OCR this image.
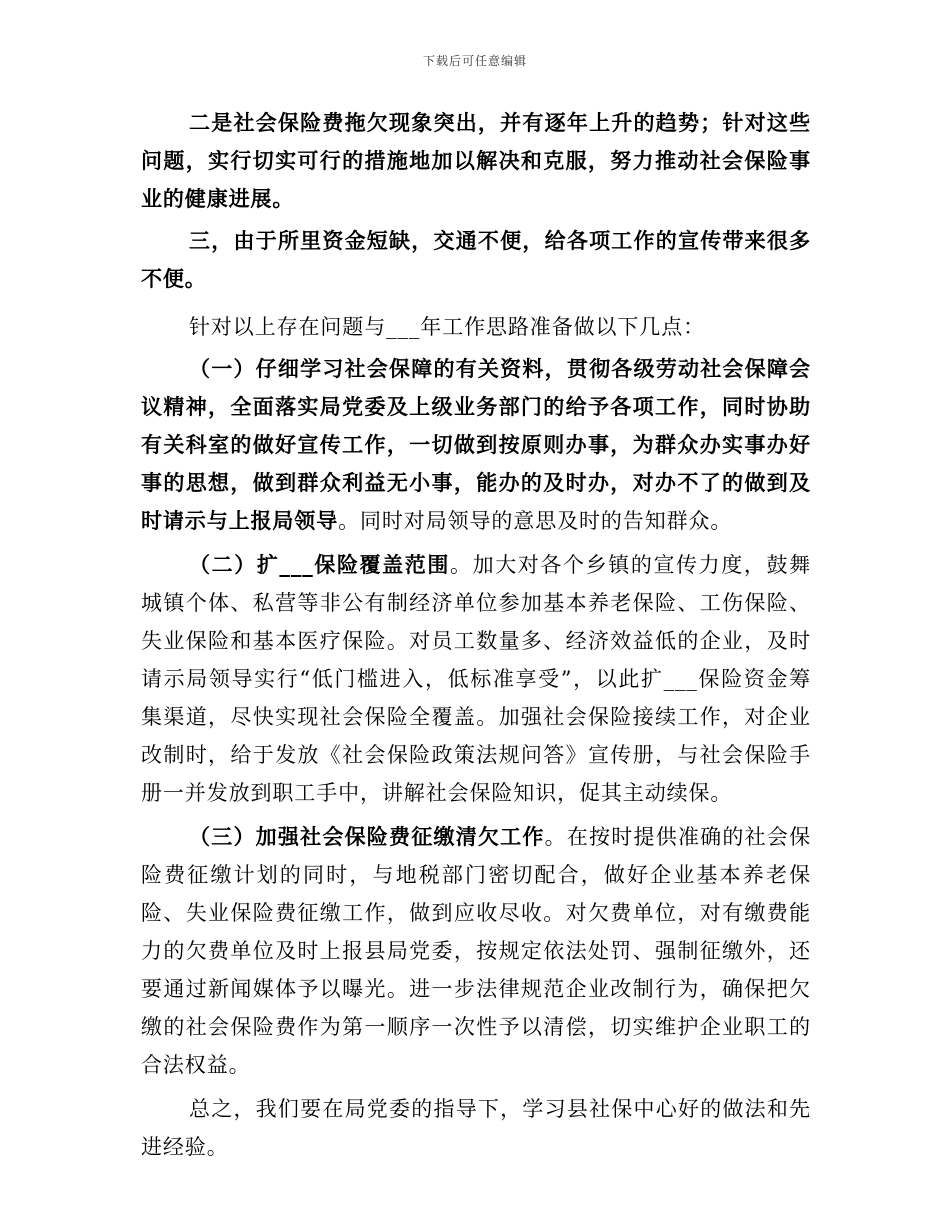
下载后可任意编辑

二是社会保险费拖欠现象突出，并有逐年上升的趋势；针对这些问题，实行切实可行的措施地加以解决和克服，努力推动社会保险事业的健康进展。

三，由于所里资金短缺，交通不便，给各项工作的宣传带来很多不便。

针对以上存在问题与___年工作思路准备做以下几点：

（一）仔细学习社会保障的有关资料，贯彻各级劳动社会保障会议精神，全面落实局党委及上级业务部门的给予各项工作，同时协助有关科室的做好宣传工作，一切做到按原则办事，为群众办实事办好事的思想，做到群众利益无小事，能办的及时办，对办不了的做到及时请示与上报局领导。同时对局领导的意思及时的告知群众。

（二）扩___保险覆盖范围。加大对各个乡镇的宣传力度，鼓舞城镇个体、私营等非公有制经济单位参加基本养老保险、工伤保险、失业保险和基本医疗保险。对员工数量多、经济效益低的企业，及时请示局领导实行“低门槛进入，低标准享受”，以此扩___保险资金筹集渠道，尽快实现社会保险全覆盖。加强社会保险接续工作，对企业改制时，给于发放《社会保险政策法规问答》宣传册，与社会保险手册一并发放到职工手中，讲解社会保险知识，促其主动续保。

（三）加强社会保险费征缴清欠工作。在按时提供准确的社会保险费征缴计划的同时，与地税部门密切配合，做好企业基本养老保险、失业保险费征缴工作，做到应收尽收。对欠费单位，对有缴费能力的欠费单位及时上报县局党委，按规定依法处罚、强制征缴外，还要通过新闻媒体予以曝光。进一步法律规范企业改制行为，确保把欠缴的社会保险费作为第一顺序一次性予以清偿，切实维护企业职工的合法权益。

总之，我们要在局党委的指导下，学习县社保中心好的做法和先进经验。
